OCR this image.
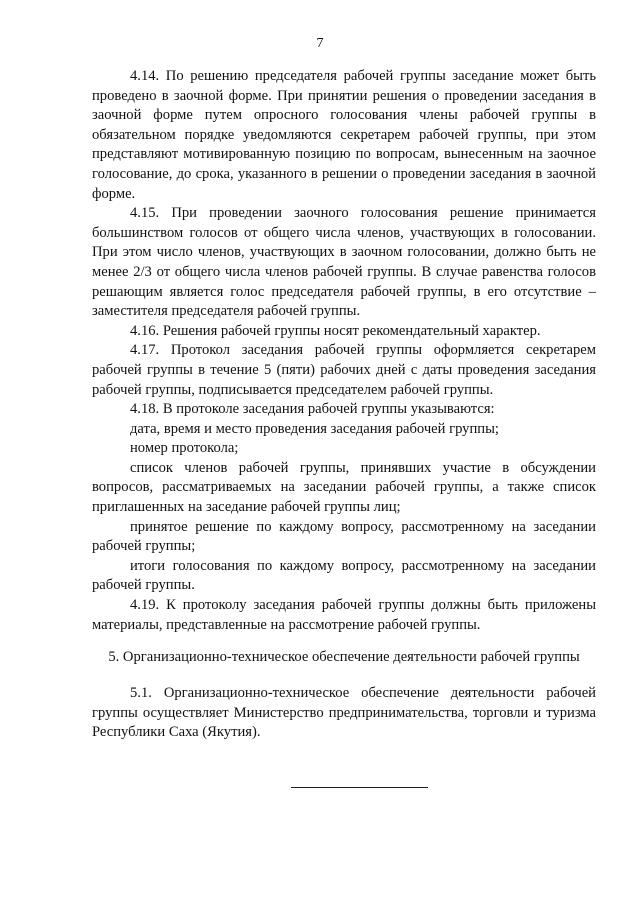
7

4.14. По решению председателя рабочей группы заседание может быть проведено в заочной форме. При принятии решения о проведении заседания в заочной форме путем опросного голосования члены рабочей группы в обязательном порядке уведомляются секретарем рабочей группы, при этом представляют мотивированную позицию по вопросам, вынесенным на заочное голосование, до срока, указанного в решении о проведении заседания в заочной форме.

4.15. При проведении заочного голосования решение принимается большинством голосов от общего числа членов, участвующих в голосовании. При этом число членов, участвующих в заочном голосовании, должно быть не менее 2/3 от общего числа членов рабочей группы. В случае равенства голосов решающим является голос председателя рабочей группы, в его отсутствие – заместителя председателя рабочей группы.

4.16. Решения рабочей группы носят рекомендательный характер.

4.17. Протокол заседания рабочей группы оформляется секретарем рабочей группы в течение 5 (пяти) рабочих дней с даты проведения заседания рабочей группы, подписывается председателем рабочей группы.

4.18. В протоколе заседания рабочей группы указываются:

дата, время и место проведения заседания рабочей группы;

номер протокола;

список членов рабочей группы, принявших участие в обсуждении вопросов, рассматриваемых на заседании рабочей группы, а также список приглашенных на заседание рабочей группы лиц;

принятое решение по каждому вопросу, рассмотренному на заседании рабочей группы;

итоги голосования по каждому вопросу, рассмотренному на заседании рабочей группы.

4.19. К протоколу заседания рабочей группы должны быть приложены материалы, представленные на рассмотрение рабочей группы.

5. Организационно-техническое обеспечение деятельности рабочей группы

5.1. Организационно-техническое обеспечение деятельности рабочей группы осуществляет Министерство предпринимательства, торговли и туризма Республики Саха (Якутия).
